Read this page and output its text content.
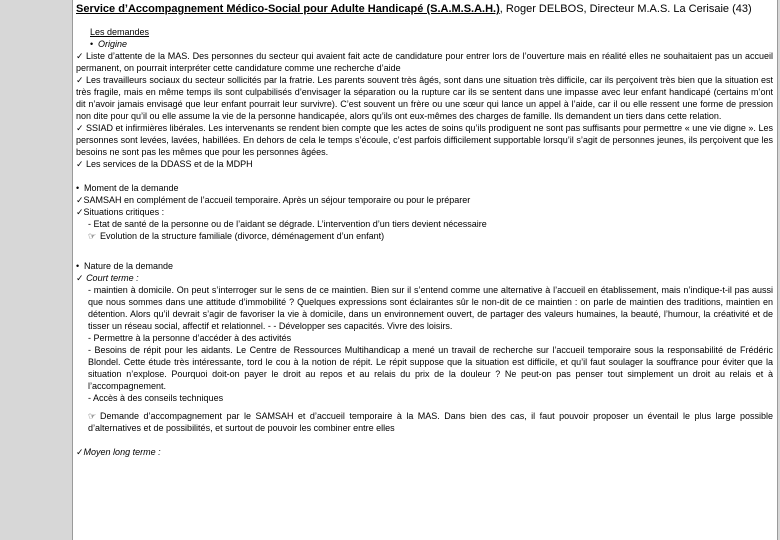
Service d’Accompagnement Médico-Social pour Adulte Handicapé (S.A.M.S.A.H.), Roger DELBOS, Directeur M.A.S. La Cerisaie (43)

Les demandes

• Origine

✓ Liste d’attente de la MAS. Des personnes du secteur qui avaient fait acte de candidature pour entrer lors de l’ouverture mais en réalité elles ne souhaitaient pas un accueil permanent, on pourrait interpréter cette candidature comme une recherche d’aide

✓ Les travailleurs sociaux du secteur sollicités par la fratrie. Les parents souvent très âgés, sont dans une situation très difficile, car ils perçoivent très bien que la situation est très fragile, mais en même temps ils sont culpabilisés d’envisager la séparation ou la rupture car ils se sentent dans une impasse avec leur enfant handicapé (certains m’ont dit n’avoir jamais envisagé que leur enfant pourrait leur survivre). C’est souvent un frère ou une sœur qui lance un appel à l’aide, car il ou elle ressent une forme de pression non dite pour qu’il ou elle assume la vie de la personne handicapée, alors qu’ils ont eux-mêmes des charges de famille. Ils demandent un tiers dans cette relation.

✓ SSIAD et infirmières libérales. Les intervenants se rendent bien compte que les actes de soins qu’ils prodiguent ne sont pas suffisants pour permettre « une vie digne ». Les personnes sont levées, lavées, habillées. En dehors de cela le temps s’écoule, c’est parfois difficilement supportable lorsqu’il s’agit de personnes jeunes, ils perçoivent que les besoins ne sont pas les mêmes que pour les personnes âgées.

✓ Les services de la DDASS et de la MDPH

• Moment de la demande

✓SAMSAH en complément de l’accueil temporaire. Après un séjour temporaire ou pour le préparer

✓Situations critiques :

- Etat de santé de la personne ou de l’aidant se dégrade. L’intervention d’un tiers devient nécessaire

☞ Evolution de la structure familiale (divorce, déménagement d’un enfant)

• Nature de la demande

✓ Court terme :

- maintien à domicile. On peut s’interroger sur le sens de ce maintien. Bien sur il s’entend comme une alternative à l’accueil en établissement, mais n’indique-t-il pas aussi que nous sommes dans une attitude d’immobilité ? Quelques expressions sont éclairantes sûr le non-dit de ce maintien : on parle de maintien des traditions, maintien en détention. Alors qu’il devrait s’agir de favoriser la vie à domicile, dans un environnement ouvert, de partager des valeurs humaines, la beauté, l’humour, la créativité et de tisser un réseau social, affectif et relationnel. - - Développer ses capacités. Vivre des loisirs.

- Permettre à la personne d’accéder à des activités

- Besoins de répit pour les aidants. Le Centre de Ressources Multihandicap a mené un travail de recherche sur l’accueil temporaire sous la responsabilité de Frédéric Blondel. Cette étude très intéressante, tord le cou à la notion de répit. Le répit suppose que la situation est difficile, et qu’il faut soulager la souffrance pour éviter que la situation n’explose. Pourquoi doit-on payer le droit au repos et au relais du prix de la douleur ? Ne peut-on pas penser tout simplement un droit au relais et à l’accompagnement.

- Accès à des conseils techniques

☞ Demande d’accompagnement par le SAMSAH et d’accueil temporaire à la MAS. Dans bien des cas, il faut pouvoir proposer un éventail le plus large possible d’alternatives et de possibilités, et surtout de pouvoir les combiner entre elles

✓Moyen long terme :
